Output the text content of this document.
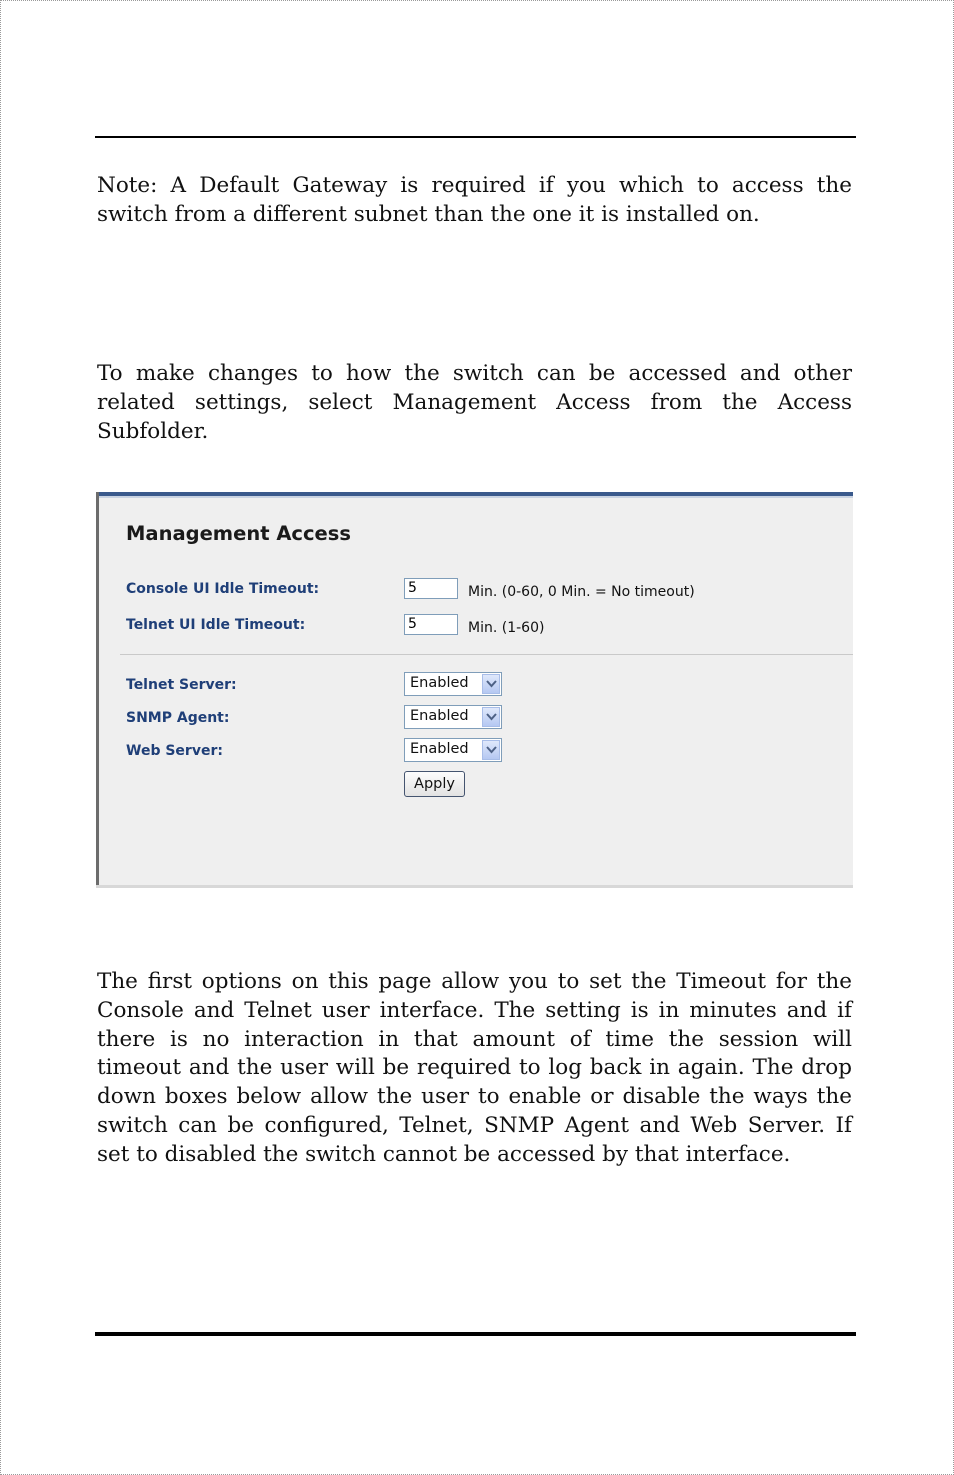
Note: A Default Gateway is required if you which to access the switch from a different subnet than the one it is installed on.

To make changes to how the switch can be accessed and other related settings, select Management Access from the Access Subfolder.

Management Access
Console UI Idle Timeout:	5	Min. (0-60, 0 Min. = No timeout)
Telnet UI Idle Timeout:	5	Min. (1-60)
Telnet Server:	Enabled
SNMP Agent:	Enabled
Web Server:	Enabled
Apply

The first options on this page allow you to set the Timeout for the Console and Telnet user interface. The setting is in minutes and if there is no interaction in that amount of time the session will timeout and the user will be required to log back in again. The drop down boxes below allow the user to enable or disable the ways the switch can be configured, Telnet, SNMP Agent and Web Server. If set to disabled the switch cannot be accessed by that interface.
